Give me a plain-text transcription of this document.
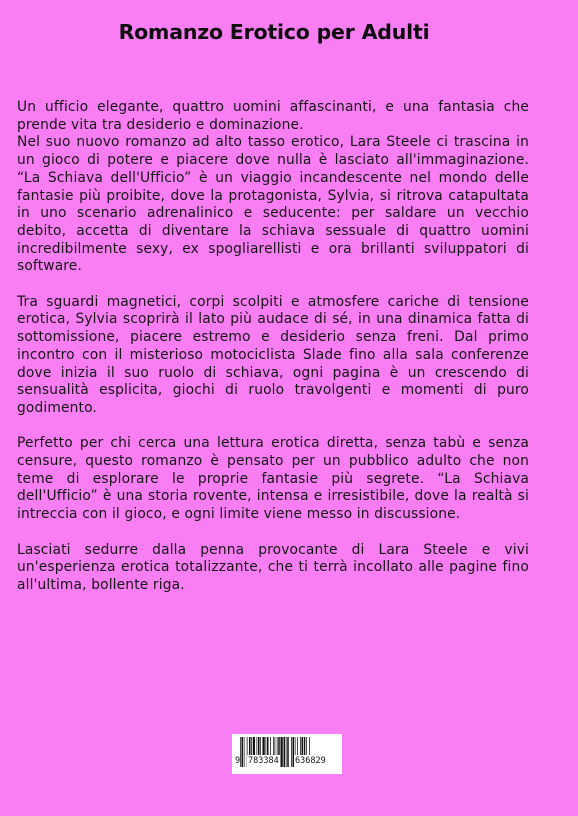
Romanzo Erotico per Adulti

Un ufficio elegante, quattro uomini affascinanti, e una fantasia che prende vita tra desiderio e dominazione.

Nel suo nuovo romanzo ad alto tasso erotico, Lara Steele ci trascina in un gioco di potere e piacere dove nulla è lasciato all'immaginazione. “La Schiava dell'Ufficio” è un viaggio incandescente nel mondo delle fantasie più proibite, dove la protagonista, Sylvia, si ritrova catapultata in uno scenario adrenalinico e seducente: per saldare un vecchio debito, accetta di diventare la schiava sessuale di quattro uomini incredibilmente sexy, ex spogliarellisti e ora brillanti sviluppatori di software.

Tra sguardi magnetici, corpi scolpiti e atmosfere cariche di tensione erotica, Sylvia scoprirà il lato più audace di sé, in una dinamica fatta di sottomissione, piacere estremo e desiderio senza freni. Dal primo incontro con il misterioso motociclista Slade fino alla sala conferenze dove inizia il suo ruolo di schiava, ogni pagina è un crescendo di sensualità esplicita, giochi di ruolo travolgenti e momenti di puro godimento.

Perfetto per chi cerca una lettura erotica diretta, senza tabù e senza censure, questo romanzo è pensato per un pubblico adulto che non teme di esplorare le proprie fantasie più segrete. “La Schiava dell'Ufficio” è una storia rovente, intensa e irresistibile, dove la realtà si intreccia con il gioco, e ogni limite viene messo in discussione.

Lasciati sedurre dalla penna provocante di Lara Steele e vivi un'esperienza erotica totalizzante, che ti terrà incollato alle pagine fino all'ultima, bollente riga.

9 783384 636829
